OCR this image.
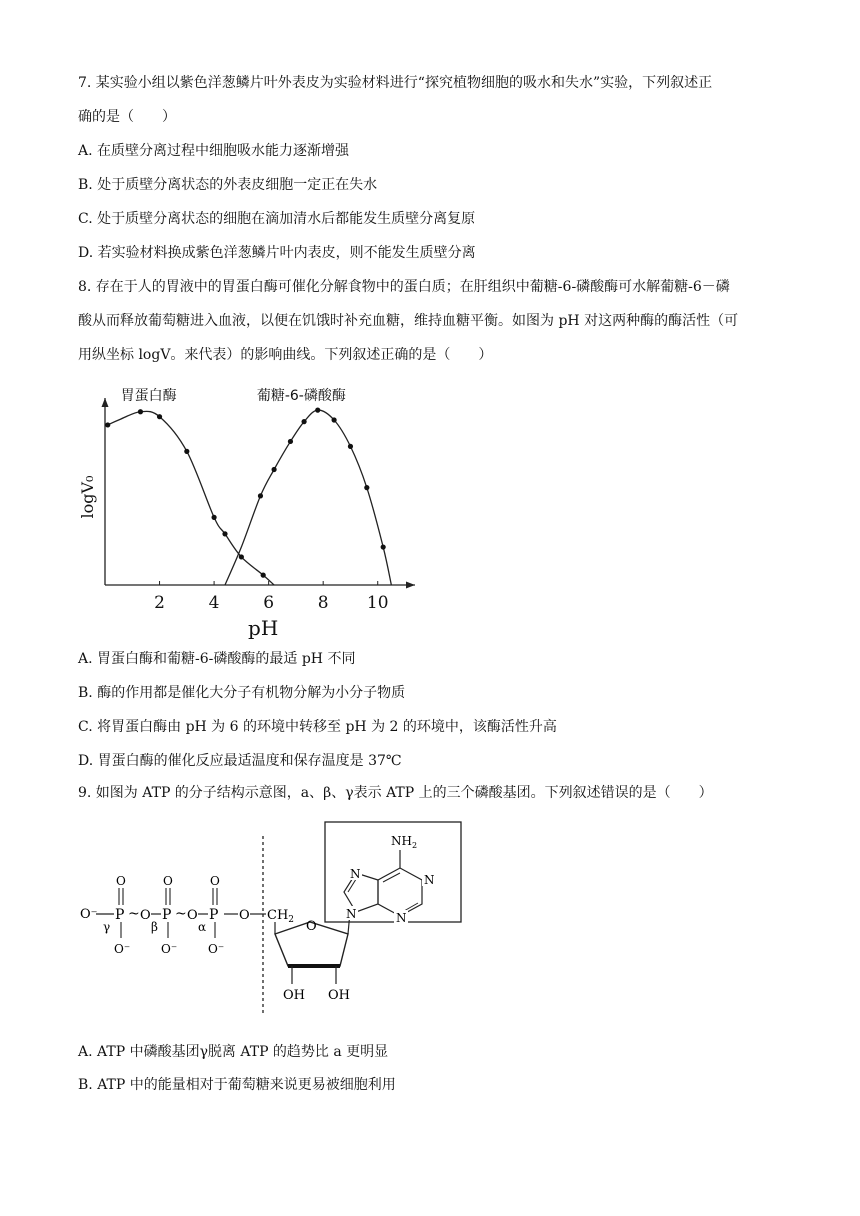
7. 某实验小组以紫色洋葱鳞片叶外表皮为实验材料进行“探究植物细胞的吸水和失水”实验，下列叙述正
确的是（　　）
A. 在质壁分离过程中细胞吸水能力逐渐增强
B. 处于质壁分离状态的外表皮细胞一定正在失水
C. 处于质壁分离状态的细胞在滴加清水后都能发生质壁分离复原
D. 若实验材料换成紫色洋葱鳞片叶内表皮，则不能发生质壁分离
8. 存在于人的胃液中的胃蛋白酶可催化分解食物中的蛋白质；在肝组织中葡糖-6-磷酸酶可水解葡糖-6－磷
酸从而释放葡萄糖进入血液，以便在饥饿时补充血糖，维持血糖平衡。如图为 pH 对这两种酶的酶活性（可
用纵坐标 logV。来代表）的影响曲线。下列叙述正确的是（　　）
2	4	6	8 10
pH
logV₀
胃蛋白酶	葡糖-6-磷酸酶
A. 胃蛋白酶和葡糖-6-磷酸酶的最适 pH 不同
B. 酶的作用都是催化大分子有机物分解为小分子物质
C. 将胃蛋白酶由 pH 为 6 的环境中转移至 pH 为 2 的环境中，该酶活性升高
D. 胃蛋白酶的催化反应最适温度和保存温度是 37℃
9. 如图为 ATP 的分子结构示意图，a、β、γ表示 ATP 上的三个磷酸基团。下列叙述错误的是（　　）
O⁻ P
O
O⁻
γ
~ O P
O
O⁻
β
~ O P
O
O⁻
α
O $CH_2$ O
OH OH
$NH_2$
N
N
N
N
A. ATP 中磷酸基团γ脱离 ATP 的趋势比 a 更明显
B. ATP 中的能量相对于葡萄糖来说更易被细胞利用
